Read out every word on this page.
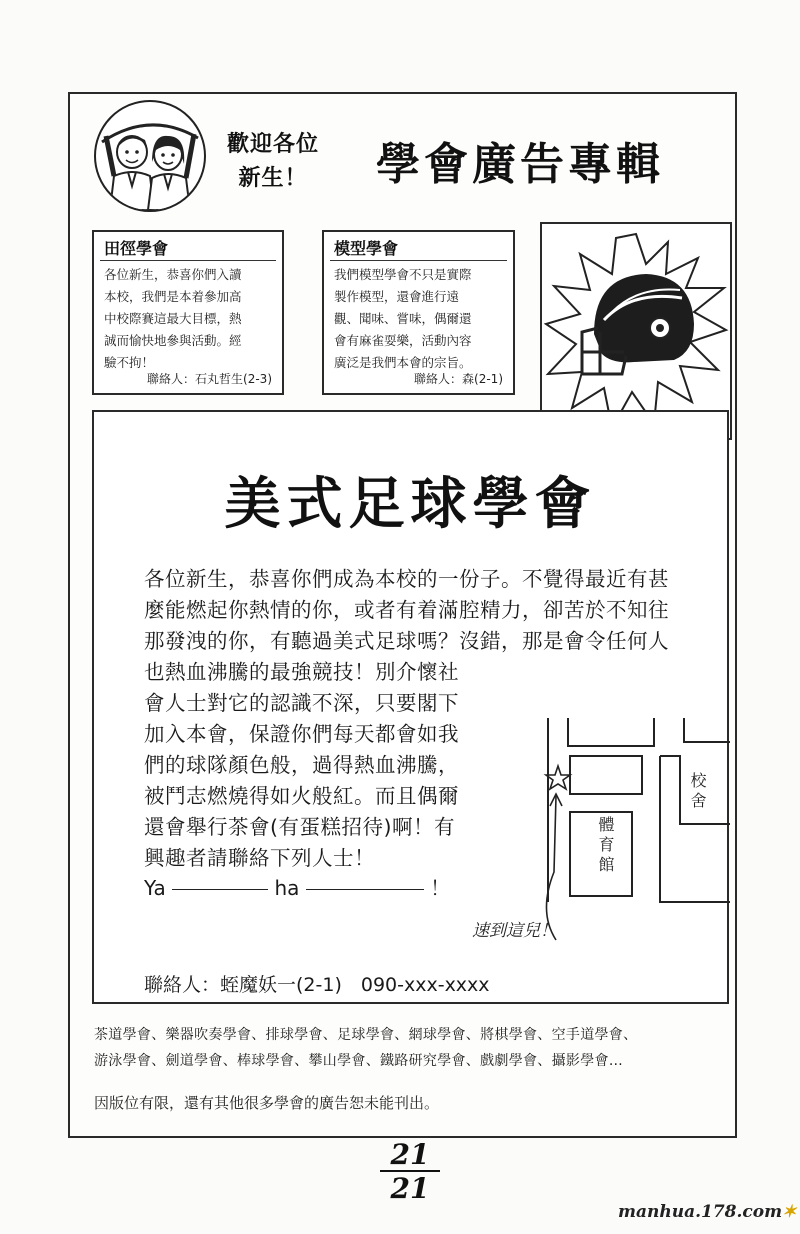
歡迎各位
新生！	學會廣告專輯
田徑學會
各位新生，恭喜你們入讀
本校，我們是本着參加高
中校際賽這最大目標，熱
誠而愉快地參與活動。經
驗不拘！
聯絡人：石丸哲生(2-3)
模型學會
我們模型學會不只是實際
製作模型，還會進行遠
觀、聞味、嘗味，偶爾還
會有麻雀耍樂，活動內容
廣泛是我們本會的宗旨。
聯絡人：森(2-1)
美式足球學會
各位新生，恭喜你們成為本校的一份子。不覺得最近有甚
麼能燃起你熱情的你，或者有着滿腔精力，卻苦於不知往
那發洩的你，有聽過美式足球嗎？沒錯，那是會令任何人
也熱血沸騰的最強競技！別介懷社
會人士對它的認識不深，只要閣下
加入本會，保證你們每天都會如我
們的球隊顏色般，過得熱血沸騰，
被鬥志燃燒得如火般紅。而且偶爾
還會舉行茶會(有蛋糕招待)啊！有
興趣者請聯絡下列人士！
Ya	ha	！
聯絡人：蛭魔妖一(2-1)　090-xxx-xxxx
校舍
體育館
速到這兒！
茶道學會、樂器吹奏學會、排球學會、足球學會、網球學會、將棋學會、空手道學會、
游泳學會、劍道學會、棒球學會、攀山學會、鐵路研究學會、戲劇學會、攝影學會…
因版位有限，還有其他很多學會的廣告恕未能刊出。
21
21
manhua.178.com✶
